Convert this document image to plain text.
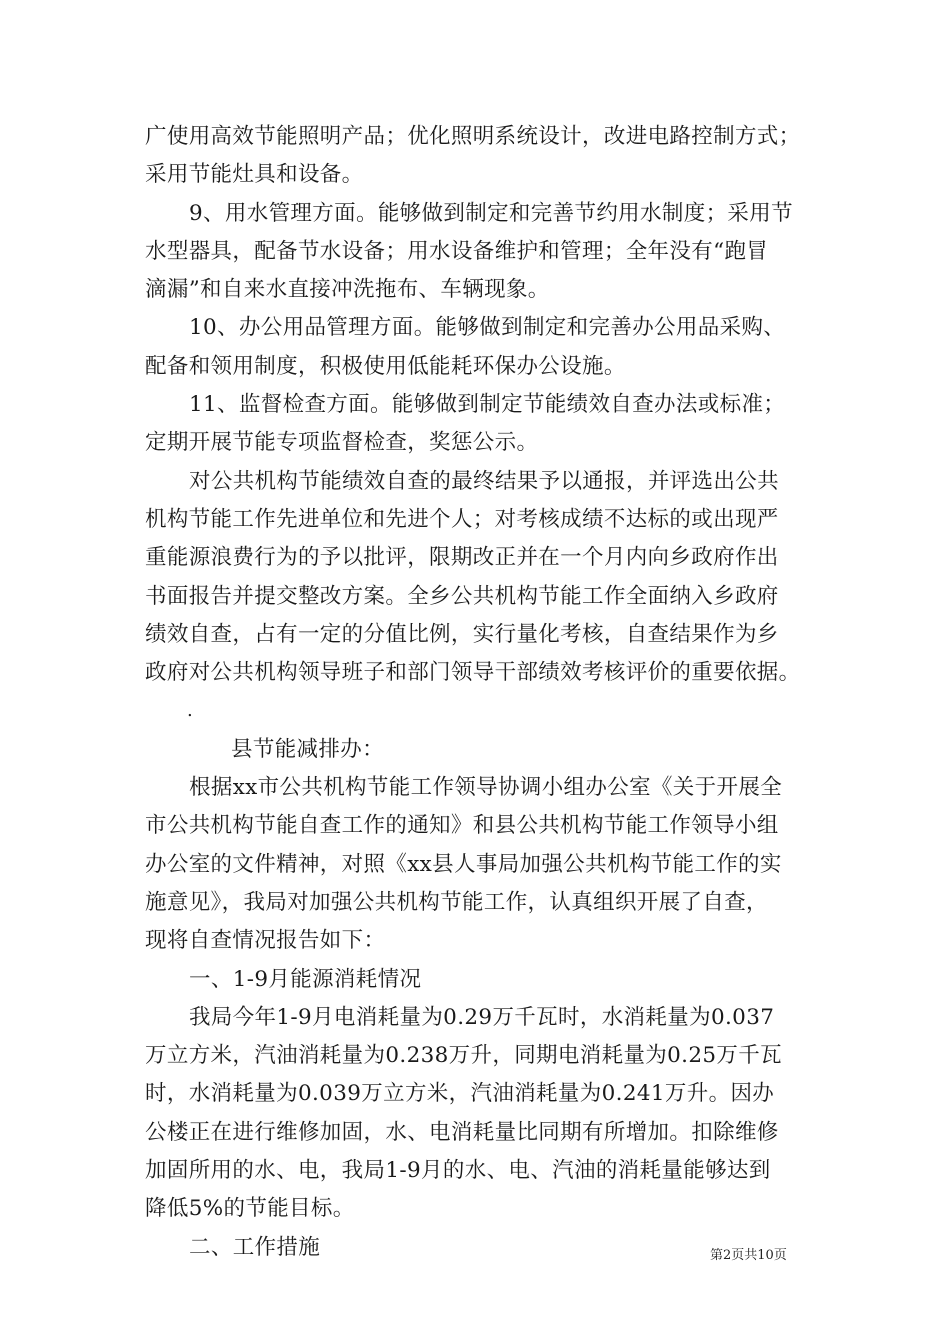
广使用高效节能照明产品；优化照明系统设计，改进电路控制方式；
采用节能灶具和设备。
9、用水管理方面。能够做到制定和完善节约用水制度；采用节
水型器具，配备节水设备；用水设备维护和管理；全年没有“跑冒
滴漏”和自来水直接冲洗拖布、车辆现象。
10、办公用品管理方面。能够做到制定和完善办公用品采购、
配备和领用制度，积极使用低能耗环保办公设施。
11、监督检查方面。能够做到制定节能绩效自查办法或标准；
定期开展节能专项监督检查，奖惩公示。
对公共机构节能绩效自查的最终结果予以通报，并评选出公共
机构节能工作先进单位和先进个人；对考核成绩不达标的或出现严
重能源浪费行为的予以批评，限期改正并在一个月内向乡政府作出
书面报告并提交整改方案。全乡公共机构节能工作全面纳入乡政府
绩效自查，占有一定的分值比例，实行量化考核，自查结果作为乡
政府对公共机构领导班子和部门领导干部绩效考核评价的重要依据。
.
县节能减排办：
根据xx市公共机构节能工作领导协调小组办公室《关于开展全
市公共机构节能自查工作的通知》和县公共机构节能工作领导小组
办公室的文件精神，对照《xx县人事局加强公共机构节能工作的实
施意见》，我局对加强公共机构节能工作，认真组织开展了自查，
现将自查情况报告如下：
一、1-9月能源消耗情况
我局今年1-9月电消耗量为0.29万千瓦时，水消耗量为0.037
万立方米，汽油消耗量为0.238万升，同期电消耗量为0.25万千瓦
时，水消耗量为0.039万立方米，汽油消耗量为0.241万升。因办
公楼正在进行维修加固，水、电消耗量比同期有所增加。扣除维修
加固所用的水、电，我局1-9月的水、电、汽油的消耗量能够达到
降低5%的节能目标。
二、工作措施	第2页共10页
